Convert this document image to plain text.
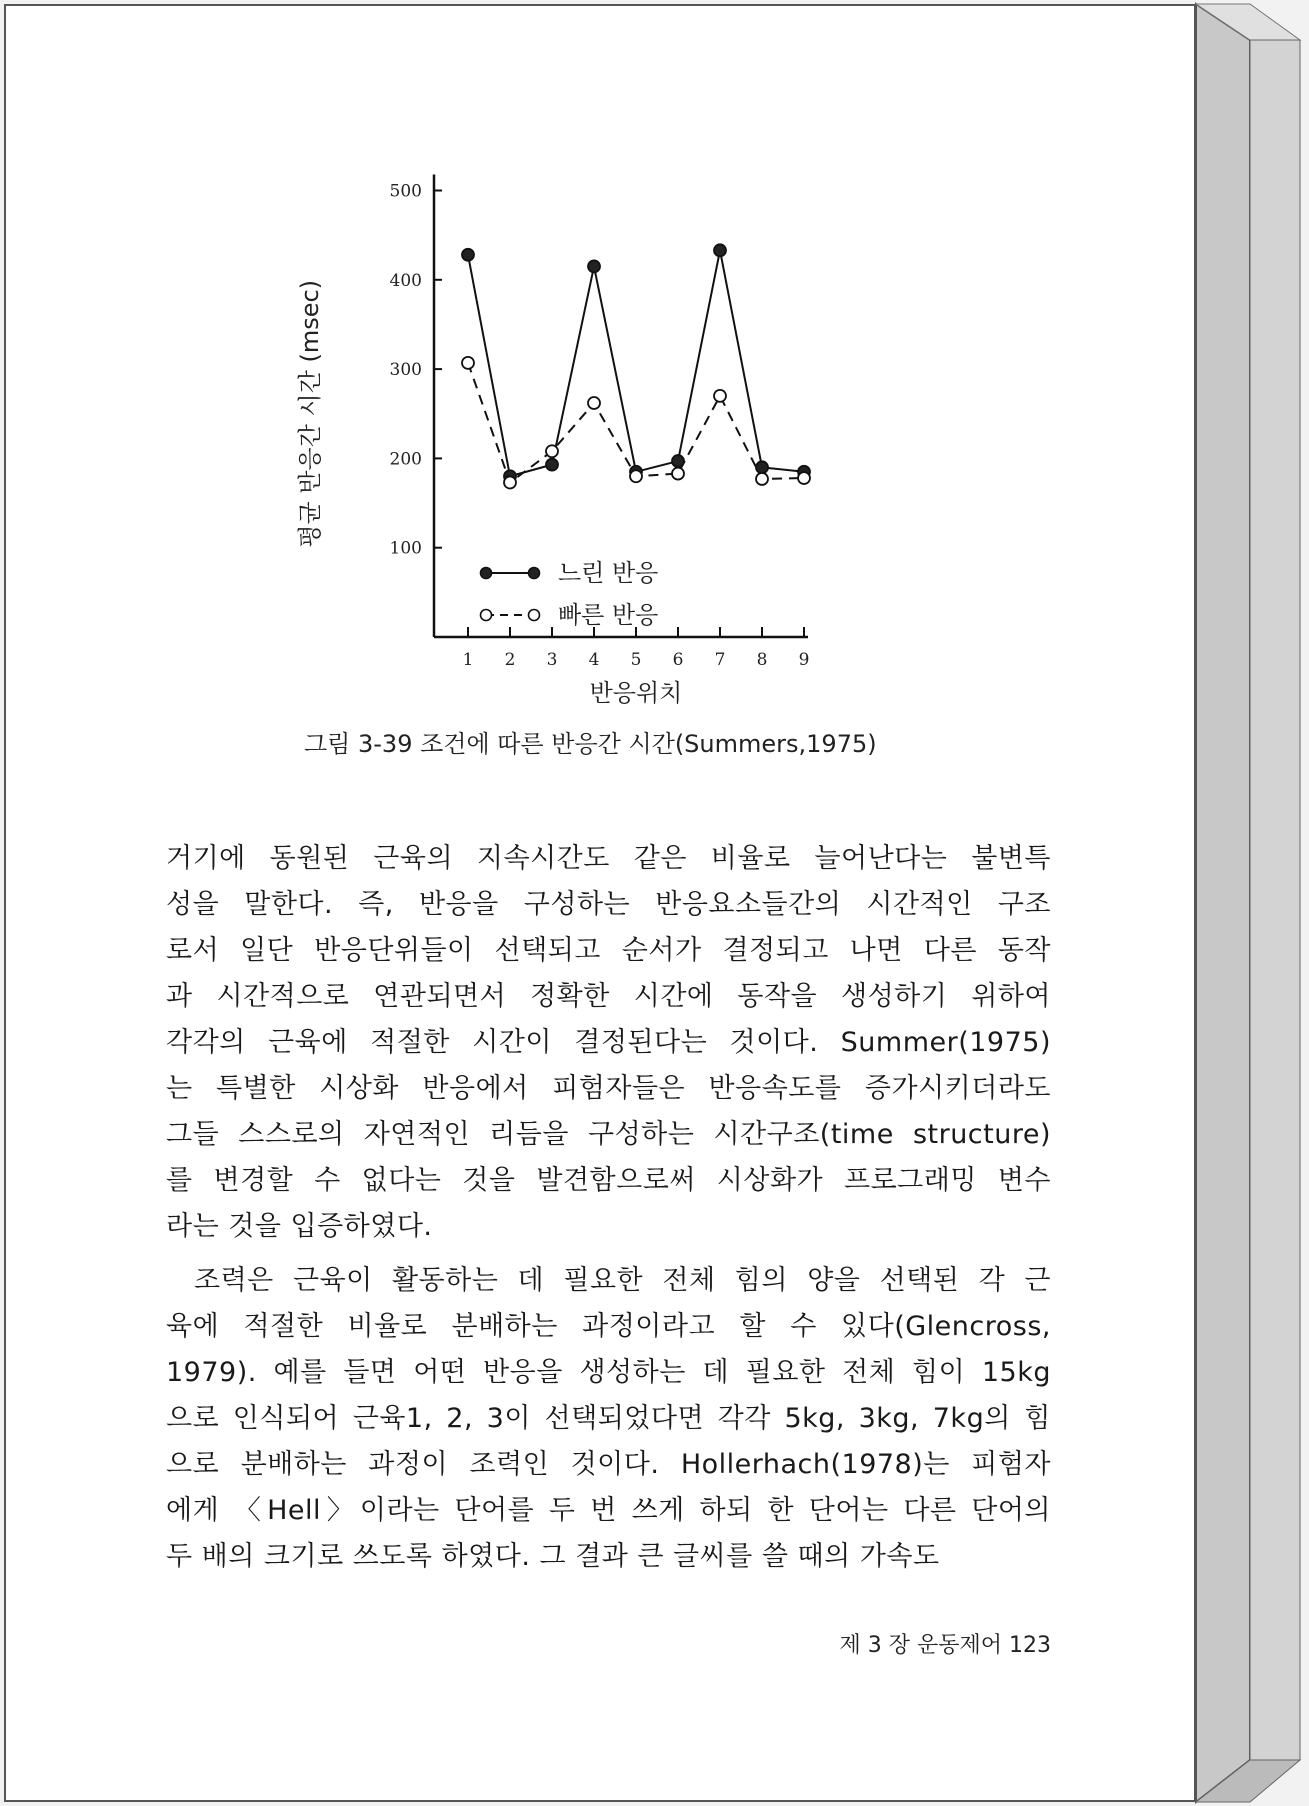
100
200
300
400
500
1 2 3 4 5 6 7 8 9
반응위치
평균 반응간 시간 (msec)
느린 반응
빠른 반응
그림 3-39 조건에 따른 반응간 시간(Summers,1975)
거기에 동원된 근육의 지속시간도 같은 비율로 늘어난다는 불변특
성을 말한다. 즉, 반응을 구성하는 반응요소들간의 시간적인 구조
로서 일단 반응단위들이 선택되고 순서가 결정되고 나면 다른 동작
과 시간적으로 연관되면서 정확한 시간에 동작을 생성하기 위하여
각각의 근육에 적절한 시간이 결정된다는 것이다. Summer(1975)
는 특별한 시상화 반응에서 피험자들은 반응속도를 증가시키더라도
그들 스스로의 자연적인 리듬을 구성하는 시간구조(time structure)
를 변경할 수 없다는 것을 발견함으로써 시상화가 프로그래밍 변수
라는 것을 입증하였다.
조력은 근육이 활동하는 데 필요한 전체 힘의 양을 선택된 각 근
육에 적절한 비율로 분배하는 과정이라고 할 수 있다(Glencross,
1979). 예를 들면 어떤 반응을 생성하는 데 필요한 전체 힘이 15kg
으로 인식되어 근육1, 2, 3이 선택되었다면 각각 5kg, 3kg, 7kg의 힘
으로 분배하는 과정이 조력인 것이다. Hollerhach(1978)는 피험자
에게 〈Hell〉이라는 단어를 두 번 쓰게 하되 한 단어는 다른 단어의
두 배의 크기로 쓰도록 하였다. 그 결과 큰 글씨를 쓸 때의 가속도
제 3 장 운동제어 123
